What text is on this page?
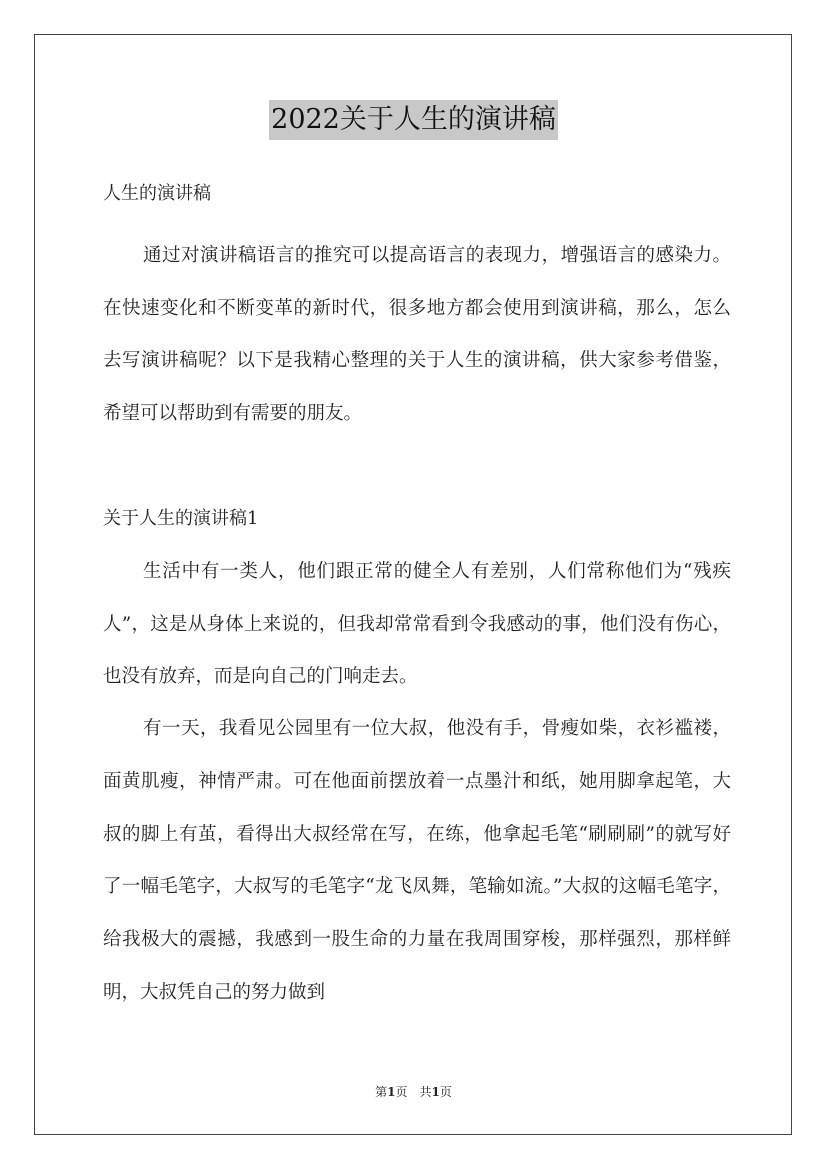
2022关于人生的演讲稿
人生的演讲稿

通过对演讲稿语言的推究可以提高语言的表现力，增强语言的感染力。在快速变化和不断变革的新时代，很多地方都会使用到演讲稿，那么，怎么去写演讲稿呢？以下是我精心整理的关于人生的演讲稿，供大家参考借鉴，希望可以帮助到有需要的朋友。

关于人生的演讲稿1

生活中有一类人，他们跟正常的健全人有差别，人们常称他们为“残疾人”，这是从身体上来说的，但我却常常看到令我感动的事，他们没有伤心，也没有放弃，而是向自己的门响走去。

有一天，我看见公园里有一位大叔，他没有手，骨瘦如柴，衣衫褴褛，面黄肌瘦，神情严肃。可在他面前摆放着一点墨汁和纸，她用脚拿起笔，大叔的脚上有茧，看得出大叔经常在写，在练，他拿起毛笔“刷刷刷”的就写好了一幅毛笔字，大叔写的毛笔字“龙飞凤舞，笔输如流。”大叔的这幅毛笔字，给我极大的震撼，我感到一股生命的力量在我周围穿梭，那样强烈，那样鲜明，大叔凭自己的努力做到

第1页　共1页
